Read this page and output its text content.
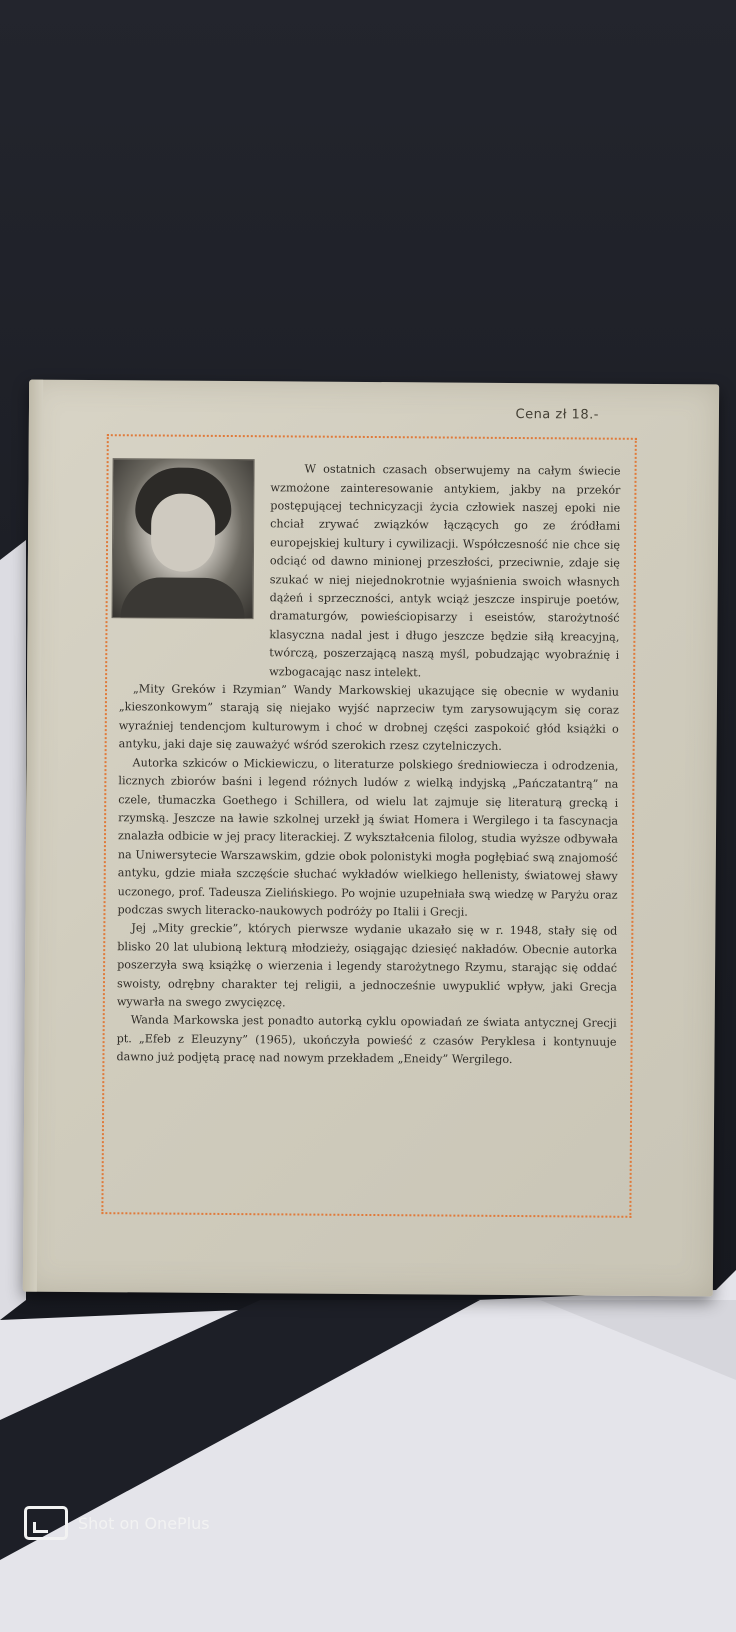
Cena zł 18.-

W ostatnich czasach obserwujemy na całym świecie wzmożone zainteresowanie antykiem, jakby na przekór postępującej technicyzacji życia człowiek naszej epoki nie chciał zrywać związków łączących go ze źródłami europejskiej kultury i cywilizacji. Współczesność nie chce się odciąć od dawno minionej przeszłości, przeciwnie, zdaje się szukać w niej niejednokrotnie wyjaśnienia swoich własnych dążeń i sprzeczności, antyk wciąż jeszcze inspiruje poetów, dramaturgów, powieściopisarzy i eseistów, starożytność klasyczna nadal jest i długo jeszcze będzie siłą kreacyjną, twórczą, poszerzającą naszą myśl, pobudzając wyobraźnię i wzbogacając nasz intelekt.

„Mity Greków i Rzymian” Wandy Markowskiej ukazujące się obecnie w wydaniu „kieszonkowym” starają się niejako wyjść naprzeciw tym zarysowującym się coraz wyraźniej tendencjom kulturowym i choć w drobnej części zaspokoić głód książki o antyku, jaki daje się zauważyć wśród szerokich rzesz czytelniczych.

Autorka szkiców o Mickiewiczu, o literaturze polskiego średniowiecza i odrodzenia, licznych zbiorów baśni i legend różnych ludów z wielką indyjską „Pańczatantrą” na czele, tłumaczka Goethego i Schillera, od wielu lat zajmuje się literaturą grecką i rzymską. Jeszcze na ławie szkolnej urzekł ją świat Homera i Wergilego i ta fascynacja znalazła odbicie w jej pracy literackiej. Z wykształcenia filolog, studia wyższe odbywała na Uniwersytecie Warszawskim, gdzie obok polonistyki mogła pogłębiać swą znajomość antyku, gdzie miała szczęście słuchać wykładów wielkiego hellenisty, światowej sławy uczonego, prof. Tadeusza Zielińskiego. Po wojnie uzupełniała swą wiedzę w Paryżu oraz podczas swych literacko-naukowych podróży po Italii i Grecji.

Jej „Mity greckie”, których pierwsze wydanie ukazało się w r. 1948, stały się od blisko 20 lat ulubioną lekturą młodzieży, osiągając dziesięć nakładów. Obecnie autorka poszerzyła swą książkę o wierzenia i legendy starożytnego Rzymu, starając się oddać swoisty, odrębny charakter tej religii, a jednocześnie uwypuklić wpływ, jaki Grecja wywarła na swego zwycięzcę.

Wanda Markowska jest ponadto autorką cyklu opowiadań ze świata antycznej Grecji pt. „Efeb z Eleuzyny” (1965), ukończyła powieść z czasów Peryklesa i kontynuuje dawno już podjętą pracę nad nowym przekładem „Eneidy” Wergilego.

Shot on OnePlus
